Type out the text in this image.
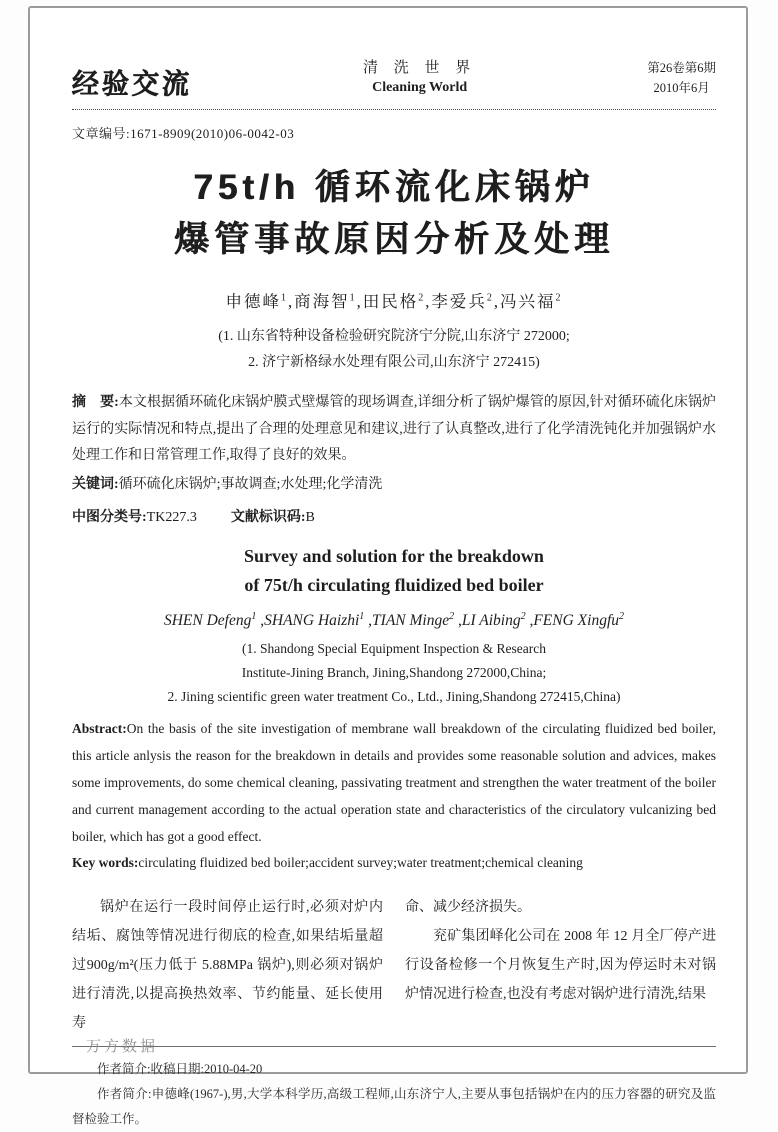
经验交流
清 洗 世 界
Cleaning World
第26卷第6期
2010年6月
文章编号:1671-8909(2010)06-0042-03
75t/h 循环流化床锅炉
爆管事故原因分析及处理
申德峰$^1$,商海智$^1$,田民格$^2$,李爱兵$^2$,冯兴福$^2$
(1. 山东省特种设备检验研究院济宁分院,山东济宁 272000;
2. 济宁新格绿水处理有限公司,山东济宁 272415)

摘　要:本文根据循环硫化床锅炉膜式壁爆管的现场调查,详细分析了锅炉爆管的原因,针对循环硫化床锅炉运行的实际情况和特点,提出了合理的处理意见和建议,进行了认真整改,进行了化学清洗钝化并加强锅炉水处理工作和日常管理工作,取得了良好的效果。

关键词:循环硫化床锅炉;事故调查;水处理;化学清洗

中图分类号:TK227.3 文献标识码:B

Survey and solution for the breakdown
of 75t/h circulating fluidized bed boiler
SHEN Defeng$^1$ ,SHANG Haizhi$^1$ ,TIAN Minge$^2$ ,LI Aibing$^2$ ,FENG Xingfu$^2$
(1. Shandong Special Equipment Inspection & Research
Institute-Jining Branch, Jining,Shandong 272000,China;
2. Jining scientific green water treatment Co., Ltd., Jining,Shandong 272415,China)

Abstract:On the basis of the site investigation of membrane wall breakdown of the circulating fluidized bed boiler, this article anlysis the reason for the breakdown in details and provides some reasonable solution and advices, makes some improvements, do some chemical cleaning, passivating treatment and strengthen the water treatment of the boiler and current management according to the actual operation state and characteristics of the circulatory vulcanizing bed boiler, which has got a good effect.

Key words:circulating fluidized bed boiler;accident survey;water treatment;chemical cleaning

锅炉在运行一段时间停止运行时,必须对炉内结垢、腐蚀等情况进行彻底的检查,如果结垢量超过900g/m²(压力低于 5.88MPa 锅炉),则必须对锅炉进行清洗,以提高换热效率、节约能量、延长使用寿

命、减少经济损失。

兖矿集团峄化公司在 2008 年 12 月全厂停产进行设备检修一个月恢复生产时,因为停运时未对锅炉情况进行检查,也没有考虑对锅炉进行清洗,结果

作者简介:收稿日期:2010-04-20

作者简介:申德峰(1967-),男,大学本科学历,高级工程师,山东济宁人,主要从事包括锅炉在内的压力容器的研究及监督检验工作。

万方数据
